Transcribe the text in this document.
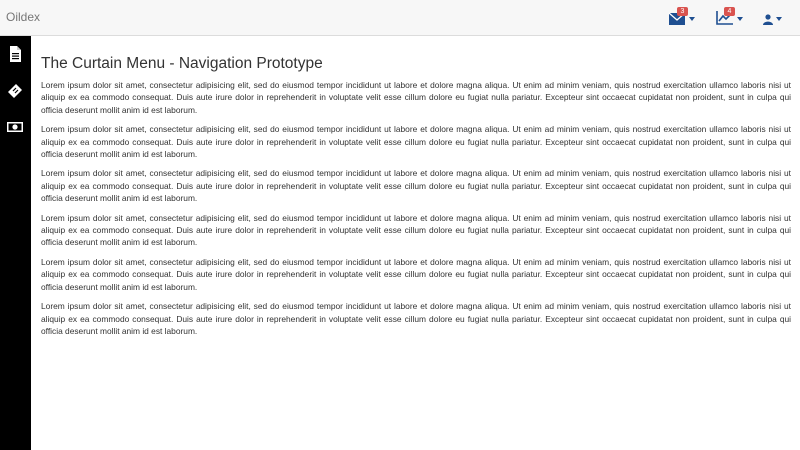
Oildex	3	4
The Curtain Menu - Navigation Prototype

Lorem ipsum dolor sit amet, consectetur adipisicing elit, sed do eiusmod tempor incididunt ut labore et dolore magna aliqua. Ut enim ad minim veniam, quis nostrud exercitation ullamco laboris nisi ut aliquip ex ea commodo consequat. Duis aute irure dolor in reprehenderit in voluptate velit esse cillum dolore eu fugiat nulla pariatur. Excepteur sint occaecat cupidatat non proident, sunt in culpa qui officia deserunt mollit anim id est laborum.

Lorem ipsum dolor sit amet, consectetur adipisicing elit, sed do eiusmod tempor incididunt ut labore et dolore magna aliqua. Ut enim ad minim veniam, quis nostrud exercitation ullamco laboris nisi ut aliquip ex ea commodo consequat. Duis aute irure dolor in reprehenderit in voluptate velit esse cillum dolore eu fugiat nulla pariatur. Excepteur sint occaecat cupidatat non proident, sunt in culpa qui officia deserunt mollit anim id est laborum.

Lorem ipsum dolor sit amet, consectetur adipisicing elit, sed do eiusmod tempor incididunt ut labore et dolore magna aliqua. Ut enim ad minim veniam, quis nostrud exercitation ullamco laboris nisi ut aliquip ex ea commodo consequat. Duis aute irure dolor in reprehenderit in voluptate velit esse cillum dolore eu fugiat nulla pariatur. Excepteur sint occaecat cupidatat non proident, sunt in culpa qui officia deserunt mollit anim id est laborum.

Lorem ipsum dolor sit amet, consectetur adipisicing elit, sed do eiusmod tempor incididunt ut labore et dolore magna aliqua. Ut enim ad minim veniam, quis nostrud exercitation ullamco laboris nisi ut aliquip ex ea commodo consequat. Duis aute irure dolor in reprehenderit in voluptate velit esse cillum dolore eu fugiat nulla pariatur. Excepteur sint occaecat cupidatat non proident, sunt in culpa qui officia deserunt mollit anim id est laborum.

Lorem ipsum dolor sit amet, consectetur adipisicing elit, sed do eiusmod tempor incididunt ut labore et dolore magna aliqua. Ut enim ad minim veniam, quis nostrud exercitation ullamco laboris nisi ut aliquip ex ea commodo consequat. Duis aute irure dolor in reprehenderit in voluptate velit esse cillum dolore eu fugiat nulla pariatur. Excepteur sint occaecat cupidatat non proident, sunt in culpa qui officia deserunt mollit anim id est laborum.

Lorem ipsum dolor sit amet, consectetur adipisicing elit, sed do eiusmod tempor incididunt ut labore et dolore magna aliqua. Ut enim ad minim veniam, quis nostrud exercitation ullamco laboris nisi ut aliquip ex ea commodo consequat. Duis aute irure dolor in reprehenderit in voluptate velit esse cillum dolore eu fugiat nulla pariatur. Excepteur sint occaecat cupidatat non proident, sunt in culpa qui officia deserunt mollit anim id est laborum.
